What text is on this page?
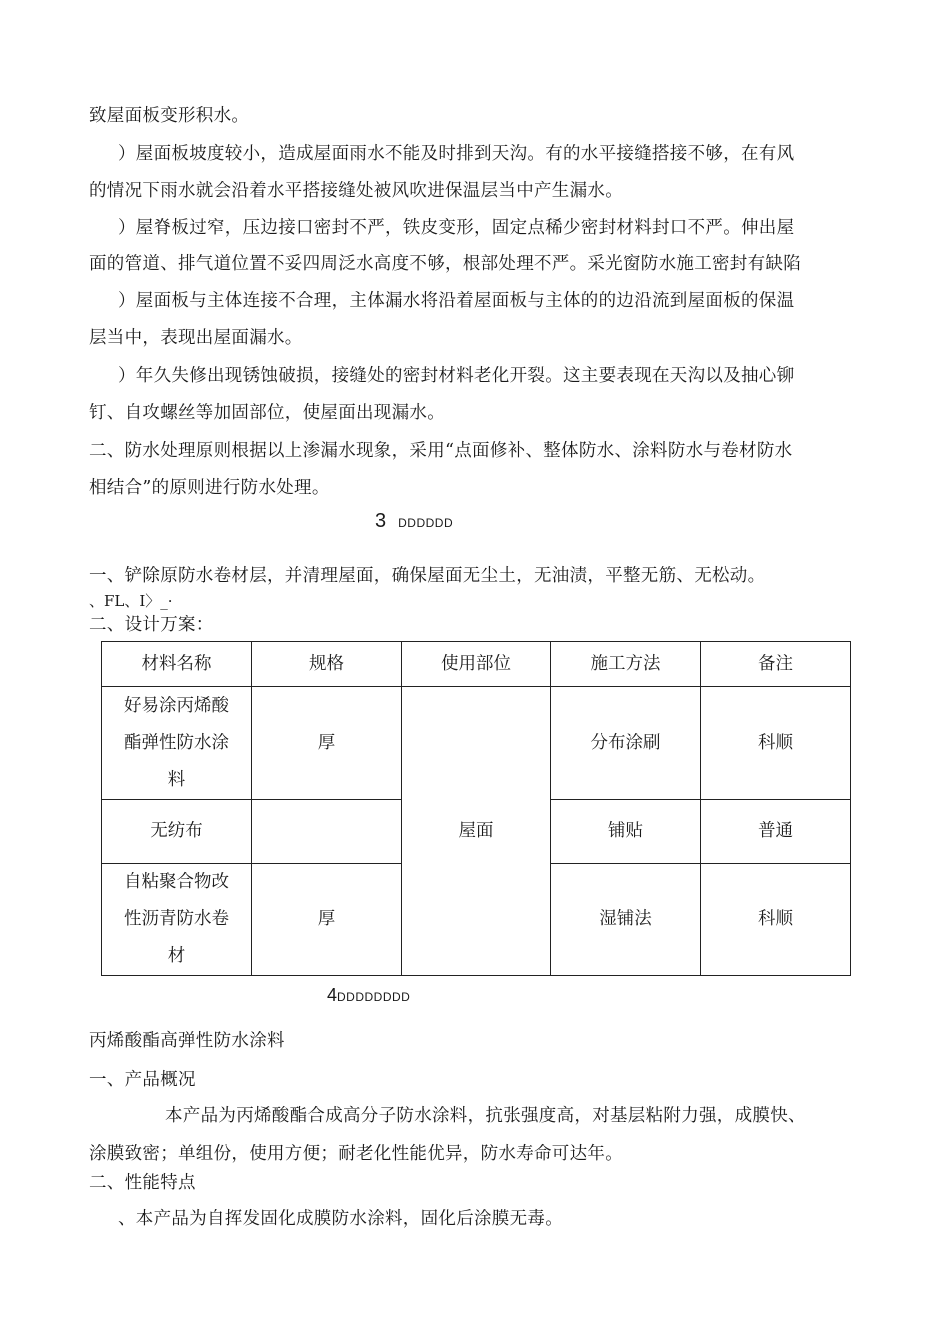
致屋面板变形积水。
）屋面板坡度较小，造成屋面雨水不能及时排到天沟。有的水平接缝搭接不够，在有风
的情况下雨水就会沿着水平搭接缝处被风吹进保温层当中产生漏水。
）屋脊板过窄，压边接口密封不严，铁皮变形，固定点稀少密封材料封口不严。伸出屋
面的管道、排气道位置不妥四周泛水高度不够，根部处理不严。采光窗防水施工密封有缺陷
）屋面板与主体连接不合理，主体漏水将沿着屋面板与主体的的边沿流到屋面板的保温
层当中，表现出屋面漏水。
）年久失修出现锈蚀破损，接缝处的密封材料老化开裂。这主要表现在天沟以及抽心铆
钉、自攻螺丝等加固部位，使屋面出现漏水。
二、防水处理原则根据以上渗漏水现象，采用“点面修补、整体防水、涂料防水与卷材防水
相结合”的原则进行防水处理。
3 DDDDDD
一、铲除原防水卷材层，并清理屋面，确保屋面无尘土，无油渍，平整无筋、无松动。
、FL、I〉_·
二、设计万案：
材料名称	规格	使用部位	施工方法	备注

好易涂丙烯酸
酯弹性防水涂
料	厚	屋面	分布涂刷	科顺
无纺布			铺贴	普通

自粘聚合物改
性沥青防水卷
材	厚		湿铺法	科顺
4DDDDDDDD
丙烯酸酯高弹性防水涂料
一、产品概况
本产品为丙烯酸酯合成高分子防水涂料，抗张强度高，对基层粘附力强，成膜快、
涂膜致密；单组份，使用方便；耐老化性能优异，防水寿命可达年。
二、性能特点
、本产品为自挥发固化成膜防水涂料，固化后涂膜无毒。
